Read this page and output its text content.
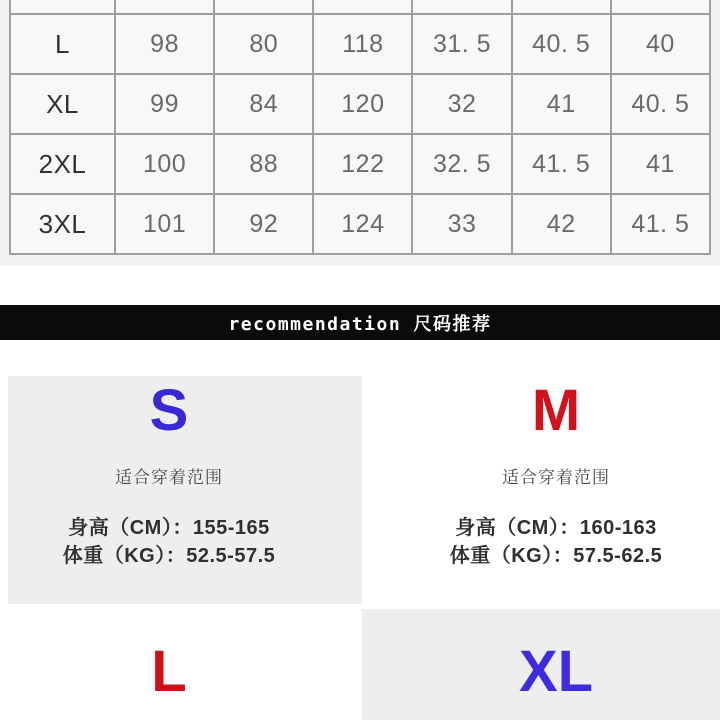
L	98	80	118	31. 5	40. 5	40
XL	99	84	120	32	41	40. 5
2XL	100	88	122	32. 5	41. 5	41
3XL	101	92	124	33	42	41. 5
recommendation 尺码推荐
S
适合穿着范围
身高（CM）：155-165
体重（KG）：52.5-57.5
M
适合穿着范围
身高（CM）：160-163
体重（KG）：57.5-62.5
L	XL
